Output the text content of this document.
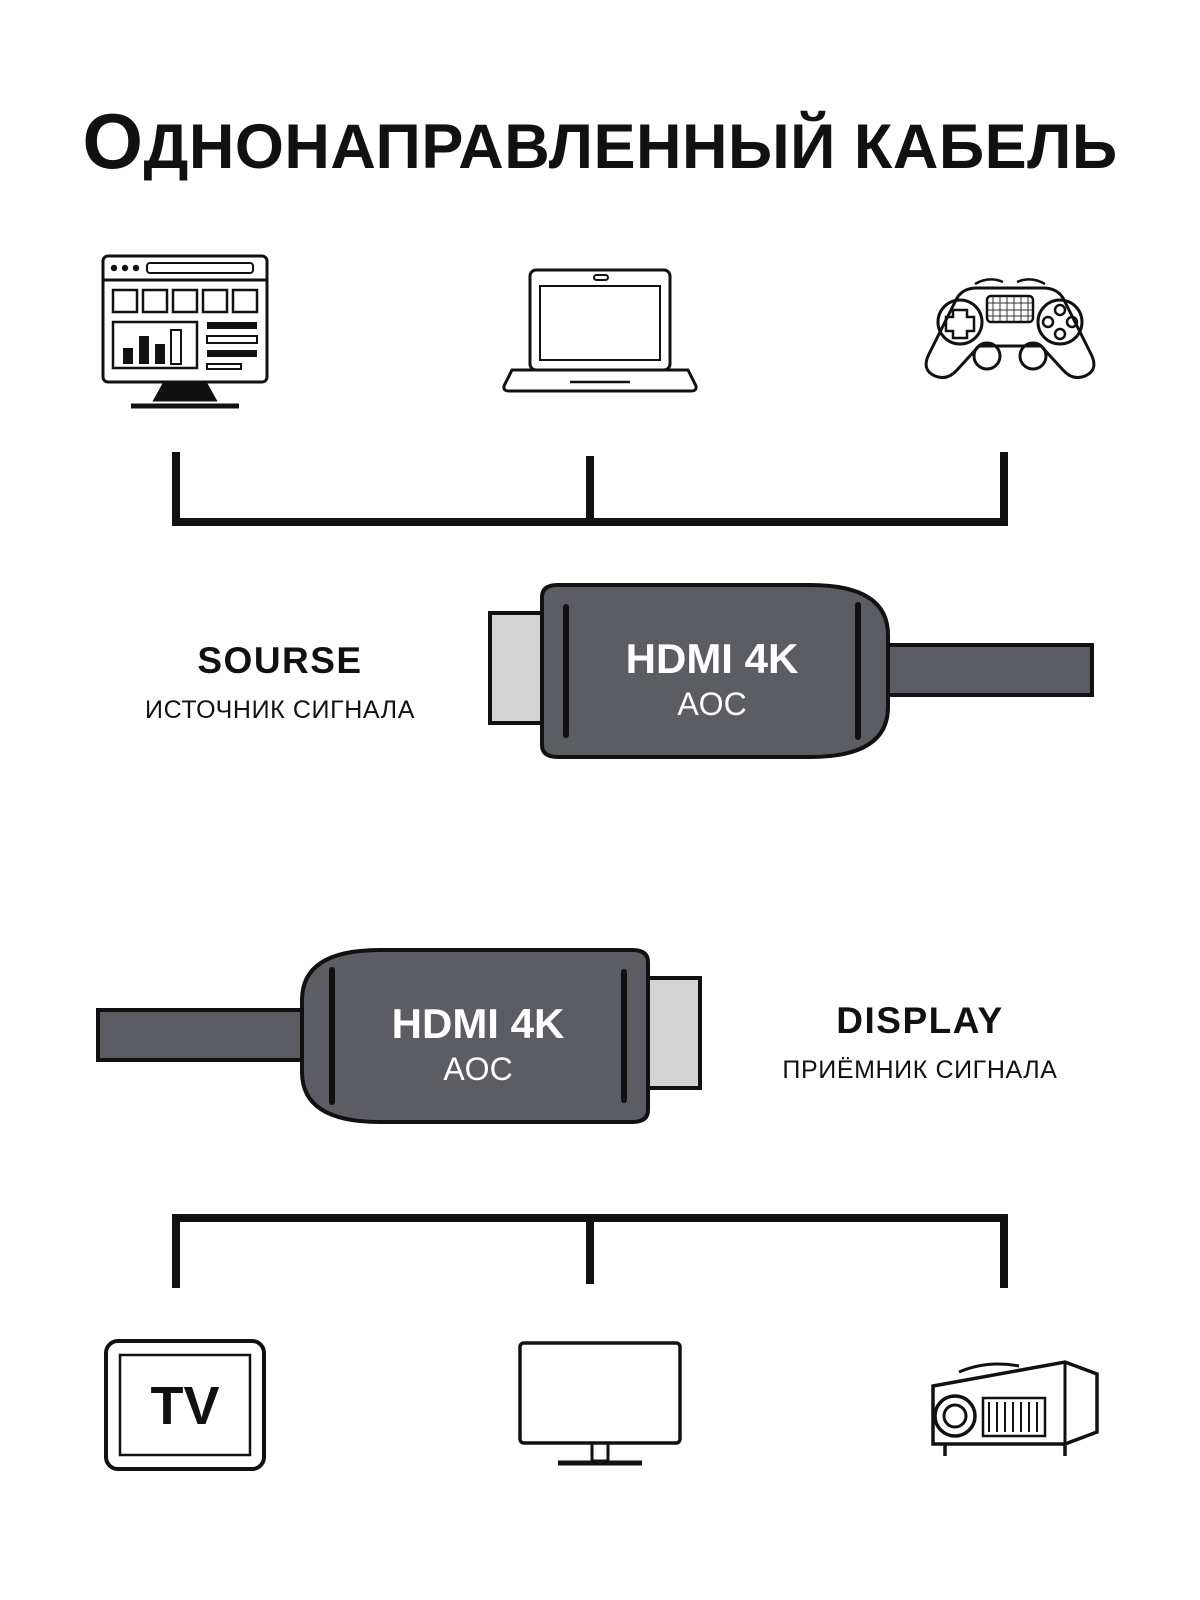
ОДНОНАПРАВЛЕННЫЙ КАБЕЛЬ
SOURSE
ИСТОЧНИК СИГНАЛА
HDMI 4K
AOC
HDMI 4K
AOC
DISPLAY
ПРИЁМНИК СИГНАЛА
TV
